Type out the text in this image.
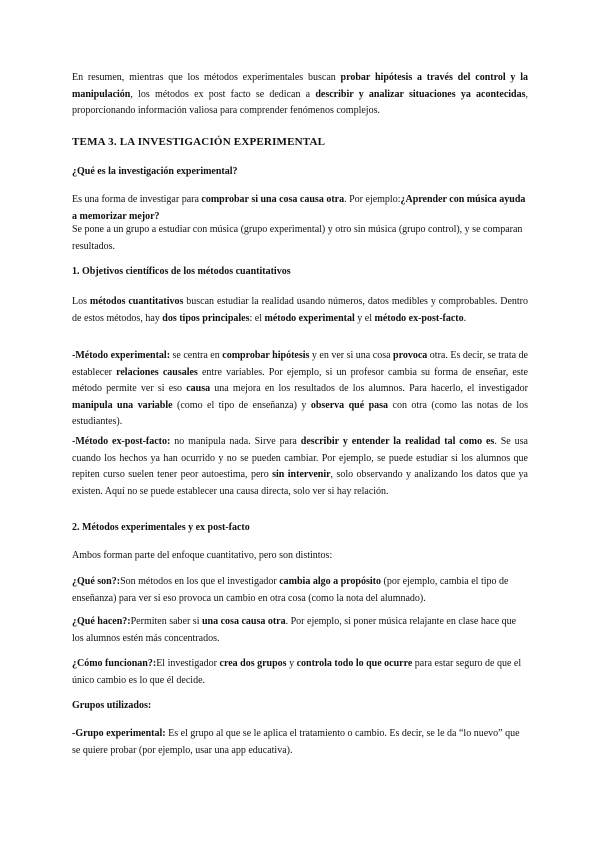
En resumen, mientras que los métodos experimentales buscan probar hipótesis a través del control y la manipulación, los métodos ex post facto se dedican a describir y analizar situaciones ya acontecidas, proporcionando información valiosa para comprender fenómenos complejos.

TEMA 3. LA INVESTIGACIÓN EXPERIMENTAL

¿Qué es la investigación experimental?

Es una forma de investigar para comprobar si una cosa causa otra. Por ejemplo:¿Aprender con música ayuda a memorizar mejor?

Se pone a un grupo a estudiar con música (grupo experimental) y otro sin música (grupo control), y se comparan resultados.

1. Objetivos científicos de los métodos cuantitativos

Los métodos cuantitativos buscan estudiar la realidad usando números, datos medibles y comprobables. Dentro de estos métodos, hay dos tipos principales: el método experimental y el método ex-post-facto.

-Método experimental: se centra en comprobar hipótesis y en ver si una cosa provoca otra. Es decir, se trata de establecer relaciones causales entre variables. Por ejemplo, si un profesor cambia su forma de enseñar, este método permite ver si eso causa una mejora en los resultados de los alumnos. Para hacerlo, el investigador manipula una variable (como el tipo de enseñanza) y observa qué pasa con otra (como las notas de los estudiantes).

-Método ex-post-facto: no manipula nada. Sirve para describir y entender la realidad tal como es. Se usa cuando los hechos ya han ocurrido y no se pueden cambiar. Por ejemplo, se puede estudiar si los alumnos que repiten curso suelen tener peor autoestima, pero sin intervenir, solo observando y analizando los datos que ya existen. Aquí no se puede establecer una causa directa, solo ver si hay relación.

2. Métodos experimentales y ex post-facto

Ambos forman parte del enfoque cuantitativo, pero son distintos:

¿Qué son?:Son métodos en los que el investigador cambia algo a propósito (por ejemplo, cambia el tipo de enseñanza) para ver si eso provoca un cambio en otra cosa (como la nota del alumnado).

¿Qué hacen?:Permiten saber si una cosa causa otra. Por ejemplo, si poner música relajante en clase hace que los alumnos estén más concentrados.

¿Cómo funcionan?:El investigador crea dos grupos y controla todo lo que ocurre para estar seguro de que el único cambio es lo que él decide.

Grupos utilizados:

-Grupo experimental: Es el grupo al que se le aplica el tratamiento o cambio. Es decir, se le da “lo nuevo” que se quiere probar (por ejemplo, usar una app educativa).
